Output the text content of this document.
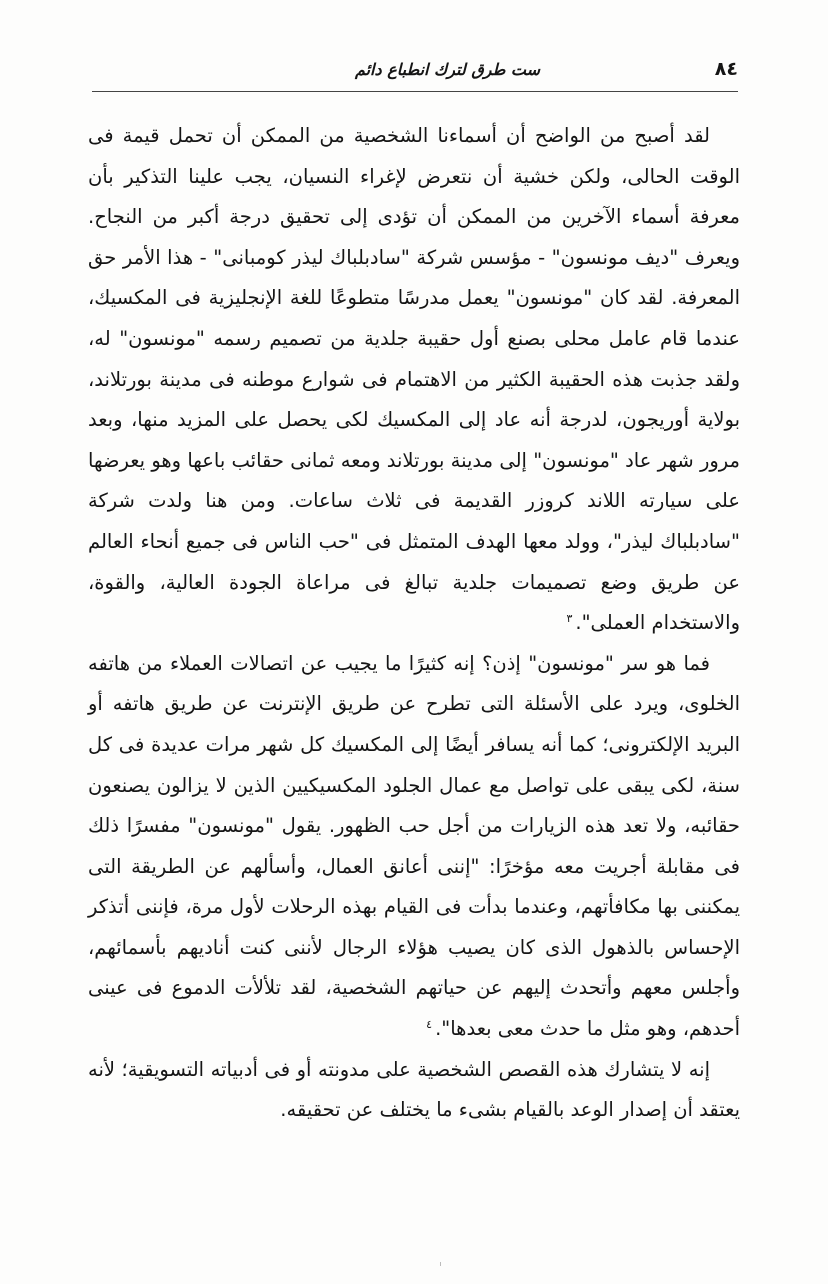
٨٤
ست طرق لترك انطباع دائم

لقد أصبح من الواضح أن أسماءنا الشخصية من الممكن أن تحمل قيمة فى الوقت الحالى، ولكن خشية أن نتعرض لإغراء النسيان، يجب علينا التذكير بأن معرفة أسماء الآخرين من الممكن أن تؤدى إلى تحقيق درجة أكبر من النجاح. ويعرف "ديف مونسون" - مؤسس شركة "سادبلباك ليذر كومبانى" - هذا الأمر حق المعرفة. لقد كان "مونسون" يعمل مدرسًا متطوعًا للغة الإنجليزية فى المكسيك، عندما قام عامل محلى بصنع أول حقيبة جلدية من تصميم رسمه "مونسون" له، ولقد جذبت هذه الحقيبة الكثير من الاهتمام فى شوارع موطنه فى مدينة بورتلاند، بولاية أوريجون، لدرجة أنه عاد إلى المكسيك لكى يحصل على المزيد منها، وبعد مرور شهر عاد "مونسون" إلى مدينة بورتلاند ومعه ثمانى حقائب باعها وهو يعرضها على سيارته اللاند كروزر القديمة فى ثلاث ساعات. ومن هنا ولدت شركة "سادبلباك ليذر"، وولد معها الهدف المتمثل فى "حب الناس فى جميع أنحاء العالم عن طريق وضع تصميمات جلدية تبالغ فى مراعاة الجودة العالية، والقوة، والاستخدام العملى".$^٣$

فما هو سر "مونسون" إذن؟ إنه كثيرًا ما يجيب عن اتصالات العملاء من هاتفه الخلوى، ويرد على الأسئلة التى تطرح عن طريق الإنترنت عن طريق هاتفه أو البريد الإلكترونى؛ كما أنه يسافر أيضًا إلى المكسيك كل شهر مرات عديدة فى كل سنة، لكى يبقى على تواصل مع عمال الجلود المكسيكيين الذين لا يزالون يصنعون حقائبه، ولا تعد هذه الزيارات من أجل حب الظهور. يقول "مونسون" مفسرًا ذلك فى مقابلة أجريت معه مؤخرًا: "إننى أعانق العمال، وأسألهم عن الطريقة التى يمكننى بها مكافأتهم، وعندما بدأت فى القيام بهذه الرحلات لأول مرة، فإننى أتذكر الإحساس بالذهول الذى كان يصيب هؤلاء الرجال لأننى كنت أناديهم بأسمائهم، وأجلس معهم وأتحدث إليهم عن حياتهم الشخصية، لقد تلألأت الدموع فى عينى أحدهم، وهو مثل ما حدث معى بعدها".$^٤$

إنه لا يتشارك هذه القصص الشخصية على مدونته أو فى أدبياته التسويقية؛ لأنه يعتقد أن إصدار الوعد بالقيام بشىء ما يختلف عن تحقيقه.
